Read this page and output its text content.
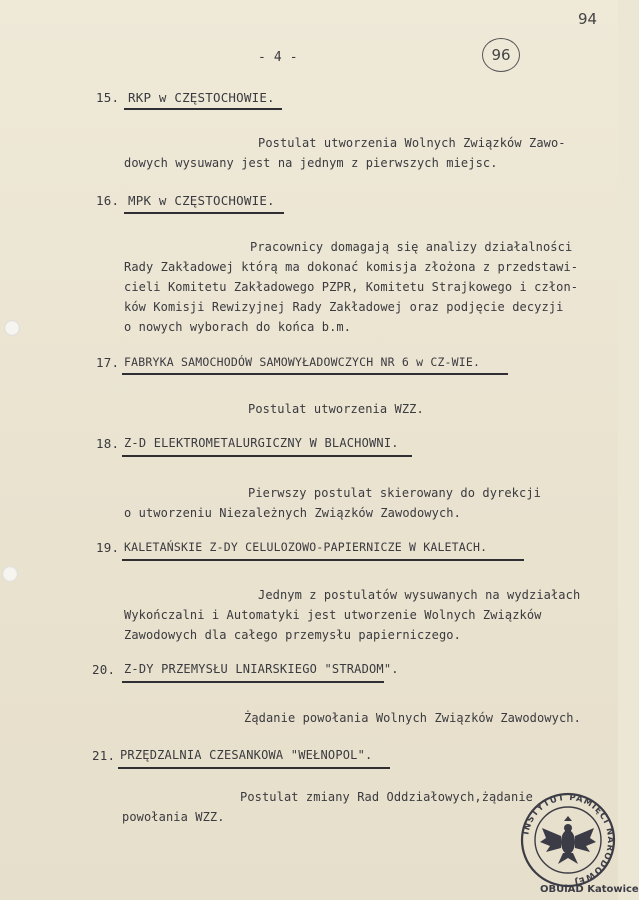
94
- 4 -	96
15. RKP w CZĘSTOCHOWIE.
Postulat utworzenia Wolnych Związków Zawo-
dowych wysuwany jest na jednym z pierwszych miejsc.
16. MPK w CZĘSTOCHOWIE.
Pracownicy domagają się analizy działalności
Rady Zakładowej którą ma dokonać komisja złożona z przedstawi-
cieli Komitetu Zakładowego PZPR, Komitetu Strajkowego i człon-
ków Komisji Rewizyjnej Rady Zakładowej oraz podjęcie decyzji
o nowych wyborach do końca b.m.
17. FABRYKA SAMOCHODÓW SAMOWYŁADOWCZYCH NR 6 w CZ-WIE.
Postulat utworzenia WZZ.
18. Z-D ELEKTROMETALURGICZNY W BLACHOWNI.
Pierwszy postulat skierowany do dyrekcji
o utworzeniu Niezależnych Związków Zawodowych.
19. KALETAŃSKIE Z-DY CELULOZOWO-PAPIERNICZE W KALETACH.
Jednym z postulatów wysuwanych na wydziałach
Wykończalni i Automatyki jest utworzenie Wolnych Związków
Zawodowych dla całego przemysłu papierniczego.
20. Z-DY PRZEMYSŁU LNIARSKIEGO "STRADOM".
Żądanie powołania Wolnych Związków Zawodowych.
21. PRZĘDZALNIA CZESANKOWA "WEŁNOPOL".
Postulat zmiany Rad Oddziałowych,żądanie
powołania WZZ.
INSTYTUT PAMIĘCI NARODOWEJ
OBUiAD Katowice
